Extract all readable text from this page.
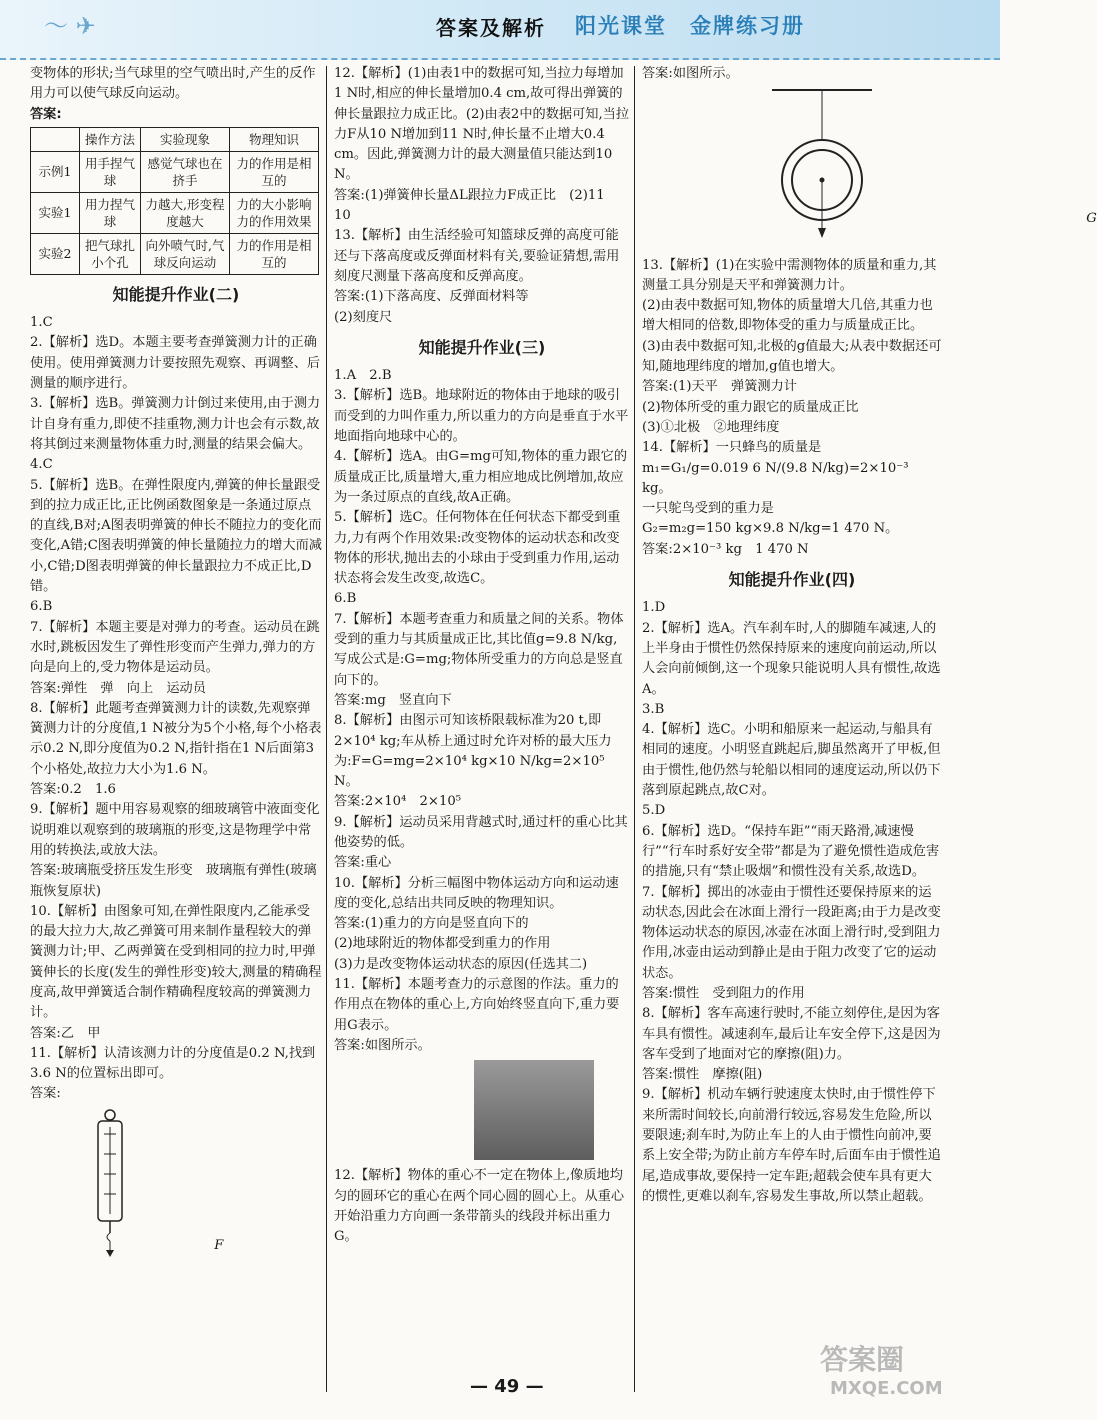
〜 ✈	答案及解析 阳光课堂　金牌练习册

变物体的形状;当气球里的空气喷出时,产生的反作用力可以使气球反向运动。

答案:

	操作方法	实验现象	物理知识
示例1	用手捏气球	感觉气球也在挤手	力的作用是相互的
实验1	用力捏气球	力越大,形变程度越大	力的大小影响力的作用效果
实验2	把气球扎小个孔	向外喷气时,气球反向运动	力的作用是相互的
知能提升作业(二)

1.C

2.【解析】选D。本题主要考查弹簧测力计的正确使用。使用弹簧测力计要按照先观察、再调整、后测量的顺序进行。

3.【解析】选B。弹簧测力计倒过来使用,由于测力计自身有重力,即使不挂重物,测力计也会有示数,故将其倒过来测量物体重力时,测量的结果会偏大。

4.C

5.【解析】选B。在弹性限度内,弹簧的伸长量跟受到的拉力成正比,正比例函数图象是一条通过原点的直线,B对;A图表明弹簧的伸长不随拉力的变化而变化,A错;C图表明弹簧的伸长量随拉力的增大而减小,C错;D图表明弹簧的伸长量跟拉力不成正比,D错。

6.B

7.【解析】本题主要是对弹力的考查。运动员在跳水时,跳板因发生了弹性形变而产生弹力,弹力的方向是向上的,受力物体是运动员。

答案:弹性　弹　向上　运动员

8.【解析】此题考查弹簧测力计的读数,先观察弹簧测力计的分度值,1 N被分为5个小格,每个小格表示0.2 N,即分度值为0.2 N,指针指在1 N后面第3个小格处,故拉力大小为1.6 N。

答案:0.2　1.6

9.【解析】题中用容易观察的细玻璃管中液面变化说明难以观察到的玻璃瓶的形变,这是物理学中常用的转换法,或放大法。

答案:玻璃瓶受挤压发生形变　玻璃瓶有弹性(玻璃瓶恢复原状)

10.【解析】由图象可知,在弹性限度内,乙能承受的最大拉力大,故乙弹簧可用来制作量程较大的弹簧测力计;甲、乙两弹簧在受到相同的拉力时,甲弹簧伸长的长度(发生的弹性形变)较大,测量的精确程度高,故甲弹簧适合制作精确程度较高的弹簧测力计。

答案:乙　甲

11.【解析】认清该测力计的分度值是0.2 N,找到3.6 N的位置标出即可。

答案:

F

12.【解析】(1)由表1中的数据可知,当拉力每增加1 N时,相应的伸长量增加0.4 cm,故可得出弹簧的伸长量跟拉力成正比。(2)由表2中的数据可知,当拉力F从10 N增加到11 N时,伸长量不止增大0.4 cm。因此,弹簧测力计的最大测量值只能达到10 N。

答案:(1)弹簧伸长量ΔL跟拉力F成正比　(2)11　10

13.【解析】由生活经验可知篮球反弹的高度可能还与下落高度或反弹面材料有关,要验证猜想,需用刻度尺测量下落高度和反弹高度。

答案:(1)下落高度、反弹面材料等

(2)刻度尺

知能提升作业(三)

1.A　2.B

3.【解析】选B。地球附近的物体由于地球的吸引而受到的力叫作重力,所以重力的方向是垂直于水平地面指向地球中心的。

4.【解析】选A。由G=mg可知,物体的重力跟它的质量成正比,质量增大,重力相应地成比例增加,故应为一条过原点的直线,故A正确。

5.【解析】选C。任何物体在任何状态下都受到重力,力有两个作用效果:改变物体的运动状态和改变物体的形状,抛出去的小球由于受到重力作用,运动状态将会发生改变,故选C。

6.B

7.【解析】本题考查重力和质量之间的关系。物体受到的重力与其质量成正比,其比值g=9.8 N/kg,写成公式是:G=mg;物体所受重力的方向总是竖直向下的。

答案:mg　竖直向下

8.【解析】由图示可知该桥限载标准为20 t,即2×10⁴ kg;车从桥上通过时允许对桥的最大压力为:F=G=mg=2×10⁴ kg×10 N/kg=2×10⁵ N。

答案:2×10⁴　2×10⁵

9.【解析】运动员采用背越式时,通过杆的重心比其他姿势的低。

答案:重心

10.【解析】分析三幅图中物体运动方向和运动速度的变化,总结出共同反映的物理知识。

答案:(1)重力的方向是竖直向下的

(2)地球附近的物体都受到重力的作用

(3)力是改变物体运动状态的原因(任选其二)

11.【解析】本题考查力的示意图的作法。重力的作用点在物体的重心上,方向始终竖直向下,重力要用G表示。

答案:如图所示。

12.【解析】物体的重心不一定在物体上,像质地均匀的圆环它的重心在两个同心圆的圆心上。从重心开始沿重力方向画一条带箭头的线段并标出重力G。

答案:如图所示。

G

13.【解析】(1)在实验中需测物体的质量和重力,其测量工具分别是天平和弹簧测力计。

(2)由表中数据可知,物体的质量增大几倍,其重力也增大相同的倍数,即物体受的重力与质量成正比。

(3)由表中数据可知,北极的g值最大;从表中数据还可知,随地理纬度的增加,g值也增大。

答案:(1)天平　弹簧测力计

(2)物体所受的重力跟它的质量成正比

(3)①北极　②地理纬度

14.【解析】一只蜂鸟的质量是

m₁=G₁/g=0.019 6 N/(9.8 N/kg)=2×10⁻³ kg。

一只鸵鸟受到的重力是

G₂=m₂g=150 kg×9.8 N/kg=1 470 N。

答案:2×10⁻³ kg　1 470 N

知能提升作业(四)

1.D

2.【解析】选A。汽车刹车时,人的脚随车减速,人的上半身由于惯性仍然保持原来的速度向前运动,所以人会向前倾倒,这一个现象只能说明人具有惯性,故选A。

3.B

4.【解析】选C。小明和船原来一起运动,与船具有相同的速度。小明竖直跳起后,脚虽然离开了甲板,但由于惯性,他仍然与轮船以相同的速度运动,所以仍下落到原起跳点,故C对。

5.D

6.【解析】选D。“保持车距”“雨天路滑,减速慢行”“行车时系好安全带”都是为了避免惯性造成危害的措施,只有“禁止吸烟”和惯性没有关系,故选D。

7.【解析】掷出的冰壶由于惯性还要保持原来的运动状态,因此会在冰面上滑行一段距离;由于力是改变物体运动状态的原因,冰壶在冰面上滑行时,受到阻力作用,冰壶由运动到静止是由于阻力改变了它的运动状态。

答案:惯性　受到阻力的作用

8.【解析】客车高速行驶时,不能立刻停住,是因为客车具有惯性。减速刹车,最后让车安全停下,这是因为客车受到了地面对它的摩擦(阻)力。

答案:惯性　摩擦(阻)

9.【解析】机动车辆行驶速度太快时,由于惯性停下来所需时间较长,向前滑行较远,容易发生危险,所以要限速;刹车时,为防止车上的人由于惯性向前冲,要系上安全带;为防止前方车停车时,后面车由于惯性追尾,造成事故,要保持一定车距;超载会使车具有更大的惯性,更难以刹车,容易发生事故,所以禁止超载。

— 49 —
答案圈
MXQE.COM
